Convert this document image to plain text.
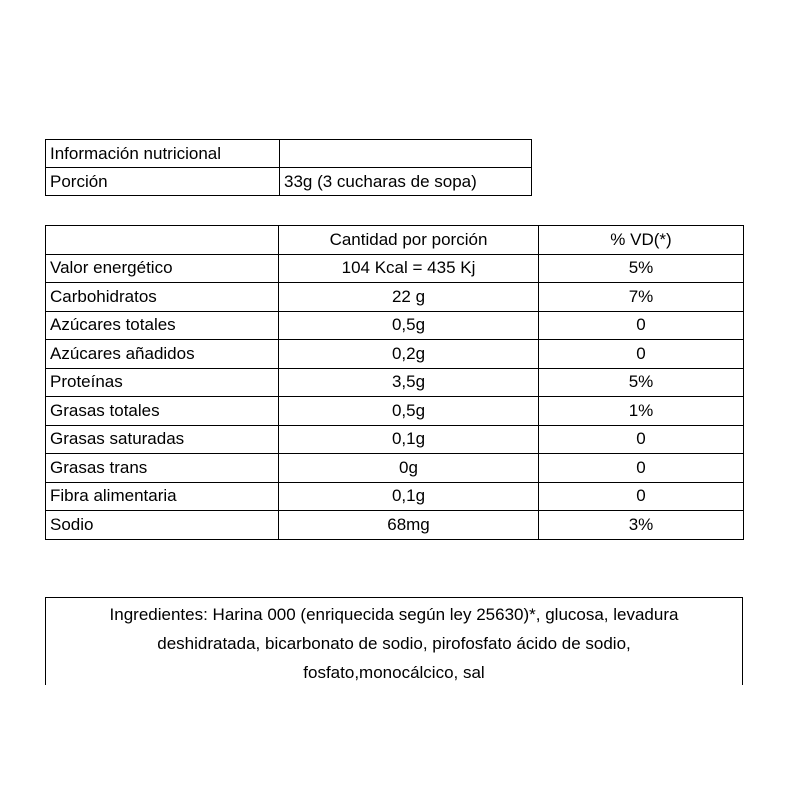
Información nutricional	
Porción	33g (3 cucharas de sopa)
	Cantidad por porción	% VD(*)
Valor energético	104 Kcal = 435 Kj	5%
Carbohidratos	22 g	7%
Azúcares totales	0,5g	0
Azúcares añadidos	0,2g	0
Proteínas	3,5g	5%
Grasas totales	0,5g	1%
Grasas saturadas	0,1g	0
Grasas trans	0g	0
Fibra alimentaria	0,1g	0
Sodio	68mg	3%
Ingredientes: Harina 000 (enriquecida según ley 25630)*, glucosa, levadura
deshidratada, bicarbonato de sodio, pirofosfato ácido de sodio,
fosfato,monocálcico, sal
